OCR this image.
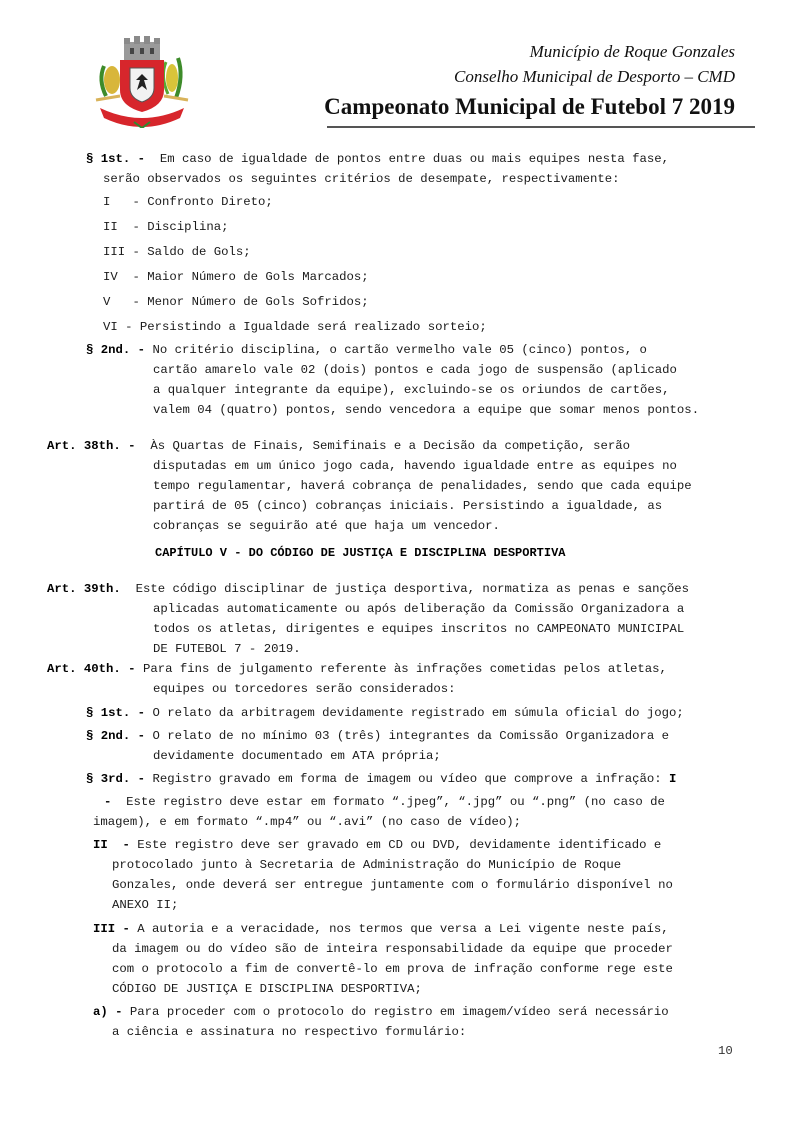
Município de Roque Gonzales
Conselho Municipal de Desporto – CMD
Campeonato Municipal de Futebol 7 2019
§ 1st. - Em caso de igualdade de pontos entre duas ou mais equipes nesta fase,
serão observados os seguintes critérios de desempate, respectivamente:
I - Confronto Direto;
II - Disciplina;
III - Saldo de Gols;
IV - Maior Número de Gols Marcados;
V - Menor Número de Gols Sofridos;
VI - Persistindo a Igualdade será realizado sorteio;
§ 2nd. - No critério disciplina, o cartão vermelho vale 05 (cinco) pontos, o
cartão amarelo vale 02 (dois) pontos e cada jogo de suspensão (aplicado
a qualquer integrante da equipe), excluindo-se os oriundos de cartões,
valem 04 (quatro) pontos, sendo vencedora a equipe que somar menos pontos.
Art. 38th. - Às Quartas de Finais, Semifinais e a Decisão da competição, serão
disputadas em um único jogo cada, havendo igualdade entre as equipes no
tempo regulamentar, haverá cobrança de penalidades, sendo que cada equipe
partirá de 05 (cinco) cobranças iniciais. Persistindo a igualdade, as
cobranças se seguirão até que haja um vencedor.
CAPÍTULO V - DO CÓDIGO DE JUSTIÇA E DISCIPLINA DESPORTIVA
Art. 39th. Este código disciplinar de justiça desportiva, normatiza as penas e sanções
aplicadas automaticamente ou após deliberação da Comissão Organizadora a
todos os atletas, dirigentes e equipes inscritos no CAMPEONATO MUNICIPAL
DE FUTEBOL 7 - 2019.
Art. 40th. - Para fins de julgamento referente às infrações cometidas pelos atletas,
equipes ou torcedores serão considerados:
§ 1st. - O relato da arbitragem devidamente registrado em súmula oficial do jogo;
§ 2nd. - O relato de no mínimo 03 (três) integrantes da Comissão Organizadora e
devidamente documentado em ATA própria;
§ 3rd. - Registro gravado em forma de imagem ou vídeo que comprove a infração: I
- Este registro deve estar em formato “.jpeg”, “.jpg” ou “.png” (no caso de
imagem), e em formato “.mp4” ou “.avi” (no caso de vídeo);
II  - Este registro deve ser gravado em CD ou DVD, devidamente identificado e
protocolado junto à Secretaria de Administração do Município de Roque
Gonzales, onde deverá ser entregue juntamente com o formulário disponível no
ANEXO II;
III - A autoria e a veracidade, nos termos que versa a Lei vigente neste país,
da imagem ou do vídeo são de inteira responsabilidade da equipe que proceder
com o protocolo a fim de convertê-lo em prova de infração conforme rege este
CÓDIGO DE JUSTIÇA E DISCIPLINA DESPORTIVA;
a) - Para proceder com o protocolo do registro em imagem/vídeo será necessário
a ciência e assinatura no respectivo formulário:
10
